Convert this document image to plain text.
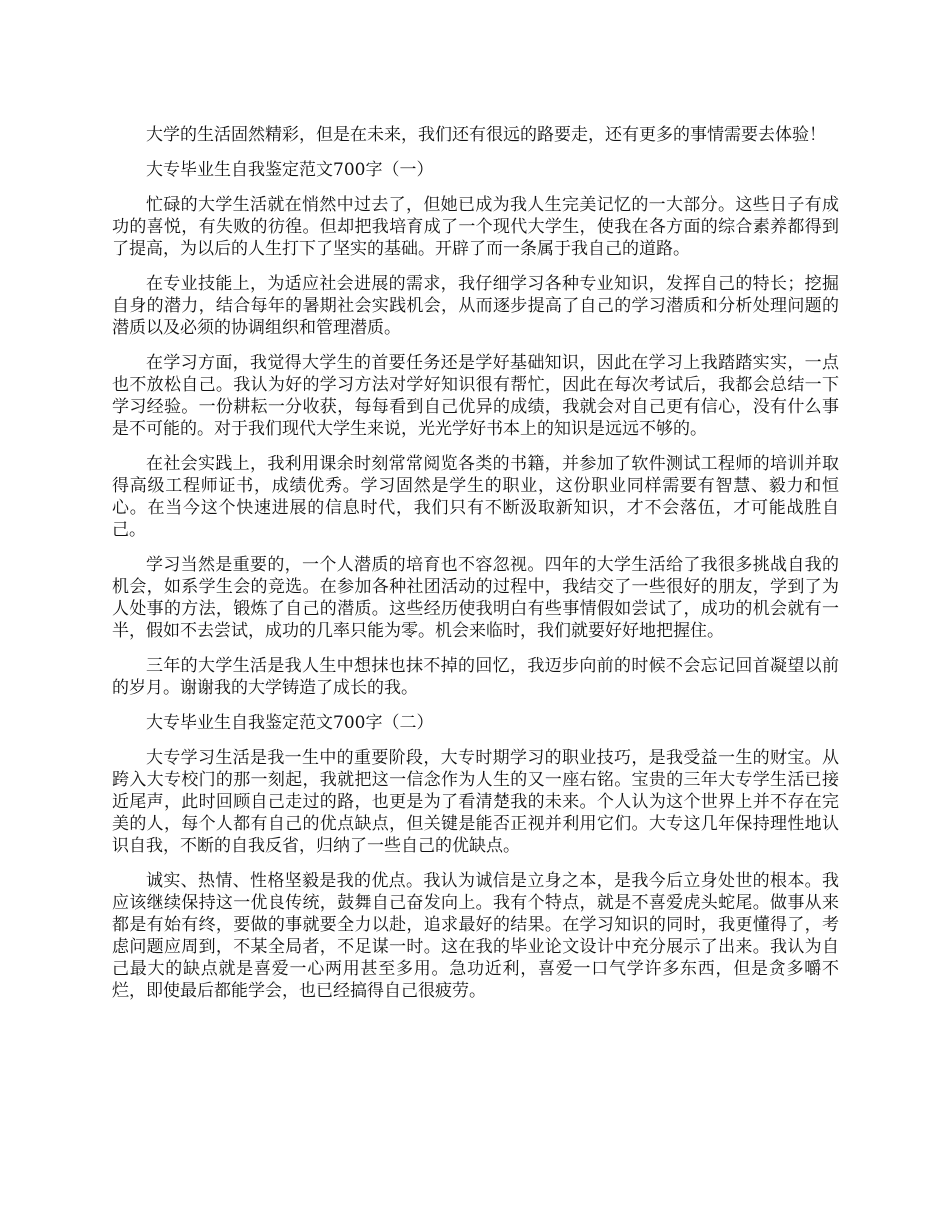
大学的生活固然精彩，但是在未来，我们还有很远的路要走，还有更多的事情需要去体验！

大专毕业生自我鉴定范文700字（一）

忙碌的大学生活就在悄然中过去了，但她已成为我人生完美记忆的一大部分。这些日子有成功的喜悦，有失败的彷徨。但却把我培育成了一个现代大学生，使我在各方面的综合素养都得到了提高，为以后的人生打下了坚实的基础。开辟了而一条属于我自己的道路。

在专业技能上，为适应社会进展的需求，我仔细学习各种专业知识，发挥自己的特长；挖掘自身的潜力，结合每年的暑期社会实践机会，从而逐步提高了自己的学习潜质和分析处理问题的潜质以及必须的协调组织和管理潜质。

在学习方面，我觉得大学生的首要任务还是学好基础知识，因此在学习上我踏踏实实，一点也不放松自己。我认为好的学习方法对学好知识很有帮忙，因此在每次考试后，我都会总结一下学习经验。一份耕耘一分收获，每每看到自己优异的成绩，我就会对自己更有信心，没有什么事是不可能的。对于我们现代大学生来说，光光学好书本上的知识是远远不够的。

在社会实践上，我利用课余时刻常常阅览各类的书籍，并参加了软件测试工程师的培训并取得高级工程师证书，成绩优秀。学习固然是学生的职业，这份职业同样需要有智慧、毅力和恒心。在当今这个快速进展的信息时代，我们只有不断汲取新知识，才不会落伍，才可能战胜自己。

学习当然是重要的，一个人潜质的培育也不容忽视。四年的大学生活给了我很多挑战自我的机会，如系学生会的竞选。在参加各种社团活动的过程中，我结交了一些很好的朋友，学到了为人处事的方法，锻炼了自己的潜质。这些经历使我明白有些事情假如尝试了，成功的机会就有一半，假如不去尝试，成功的几率只能为零。机会来临时，我们就要好好地把握住。

三年的大学生活是我人生中想抹也抹不掉的回忆，我迈步向前的时候不会忘记回首凝望以前的岁月。谢谢我的大学铸造了成长的我。

大专毕业生自我鉴定范文700字（二）

大专学习生活是我一生中的重要阶段，大专时期学习的职业技巧，是我受益一生的财宝。从跨入大专校门的那一刻起，我就把这一信念作为人生的又一座右铭。宝贵的三年大专学生活已接近尾声，此时回顾自己走过的路，也更是为了看清楚我的未来。个人认为这个世界上并不存在完美的人，每个人都有自己的优点缺点，但关键是能否正视并利用它们。大专这几年保持理性地认识自我，不断的自我反省，归纳了一些自己的优缺点。

诚实、热情、性格坚毅是我的优点。我认为诚信是立身之本，是我今后立身处世的根本。我应该继续保持这一优良传统，鼓舞自己奋发向上。我有个特点，就是不喜爱虎头蛇尾。做事从来都是有始有终，要做的事就要全力以赴，追求最好的结果。在学习知识的同时，我更懂得了，考虑问题应周到，不某全局者，不足谋一时。这在我的毕业论文设计中充分展示了出来。我认为自己最大的缺点就是喜爱一心两用甚至多用。急功近利，喜爱一口气学许多东西，但是贪多嚼不烂，即使最后都能学会，也已经搞得自己很疲劳。
